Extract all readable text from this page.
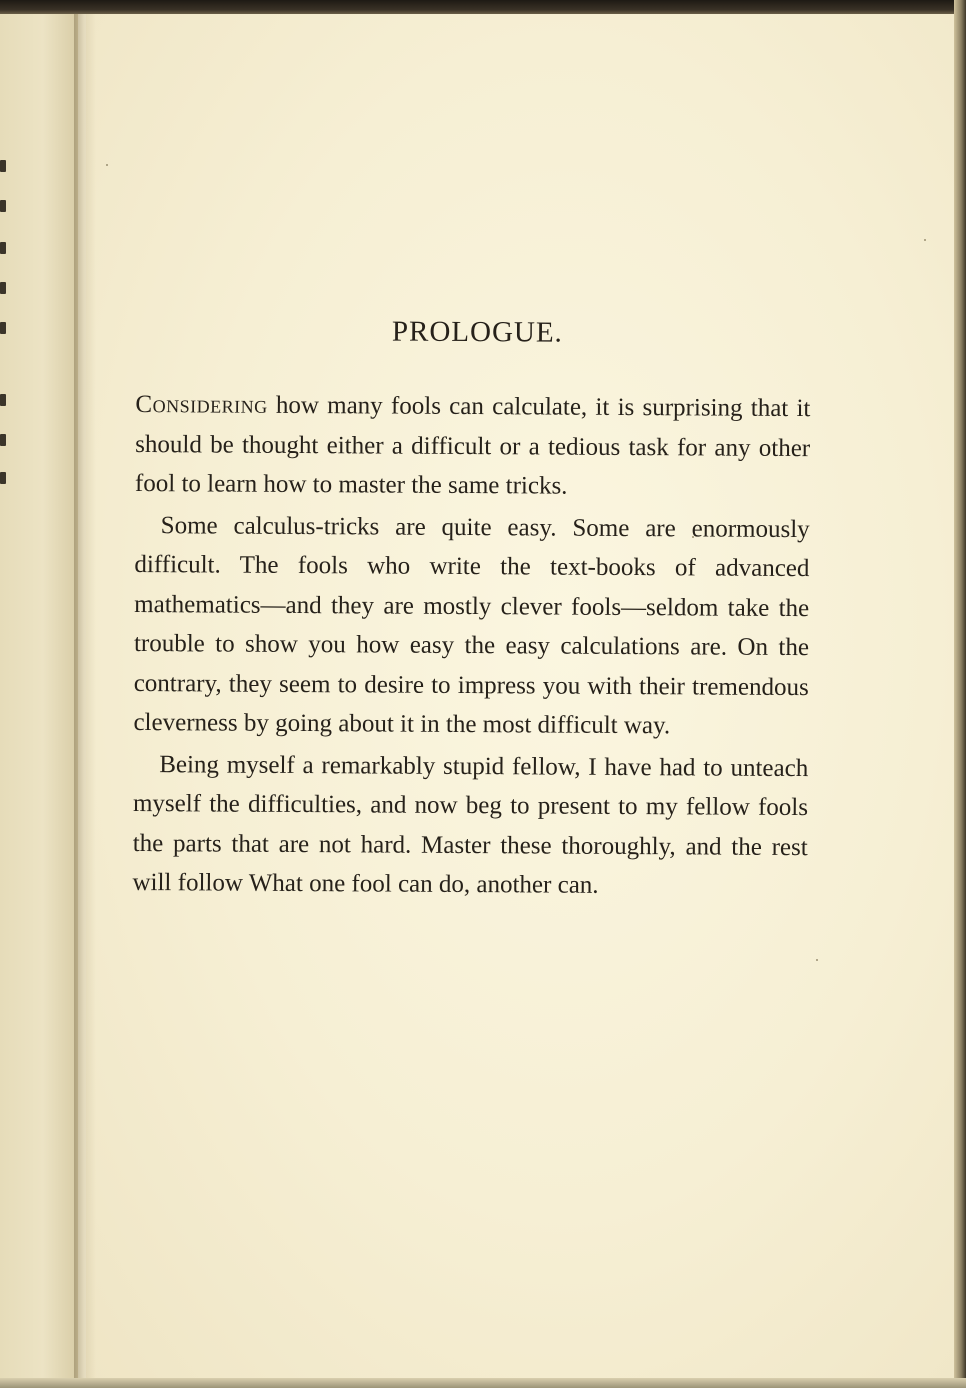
PROLOGUE.

Considering how many fools can calculate, it is surprising that it should be thought either a difficult or a tedious task for any other fool to learn how to master the same tricks.

Some calculus-tricks are quite easy. Some are enormously difficult. The fools who write the text-books of advanced mathematics—and they are mostly clever fools—seldom take the trouble to show you how easy the easy calculations are. On the contrary, they seem to desire to impress you with their tremendous cleverness by going about it in the most difficult way.

Being myself a remarkably stupid fellow, I have had to unteach myself the difficulties, and now beg to present to my fellow fools the parts that are not hard. Master these thoroughly, and the rest will follow What one fool can do, another can.
